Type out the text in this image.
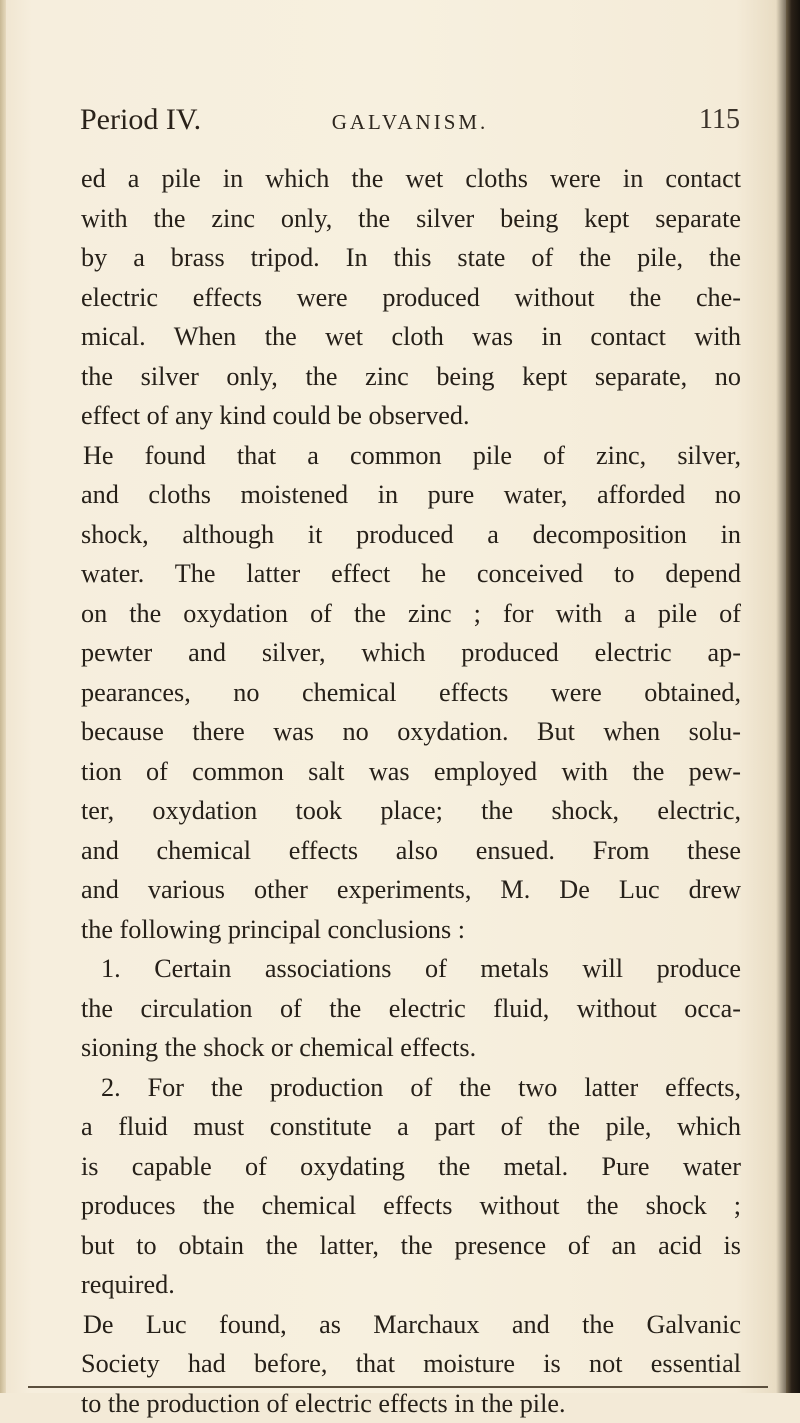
Period IV.	GALVANISM.	115
ed a pile in which the wet cloths were in contact
with the zinc only, the silver being kept separate
by a brass tripod. In this state of the pile, the
electric effects were produced without the che-
mical. When the wet cloth was in contact with
the silver only, the zinc being kept separate, no
effect of any kind could be observed.
He found that a common pile of zinc, silver,
and cloths moistened in pure water, afforded no
shock, although it produced a decomposition in
water. The latter effect he conceived to depend
on the oxydation of the zinc ; for with a pile of
pewter and silver, which produced electric ap-
pearances, no chemical effects were obtained,
because there was no oxydation. But when solu-
tion of common salt was employed with the pew-
ter, oxydation took place; the shock, electric,
and chemical effects also ensued. From these
and various other experiments, M. De Luc drew
the following principal conclusions :
1. Certain associations of metals will produce
the circulation of the electric fluid, without occa-
sioning the shock or chemical effects.
2. For the production of the two latter effects,
a fluid must constitute a part of the pile, which
is capable of oxydating the metal. Pure water
produces the chemical effects without the shock ;
but to obtain the latter, the presence of an acid is
required.
De Luc found, as Marchaux and the Galvanic
Society had before, that moisture is not essential
to the production of electric effects in the pile.
